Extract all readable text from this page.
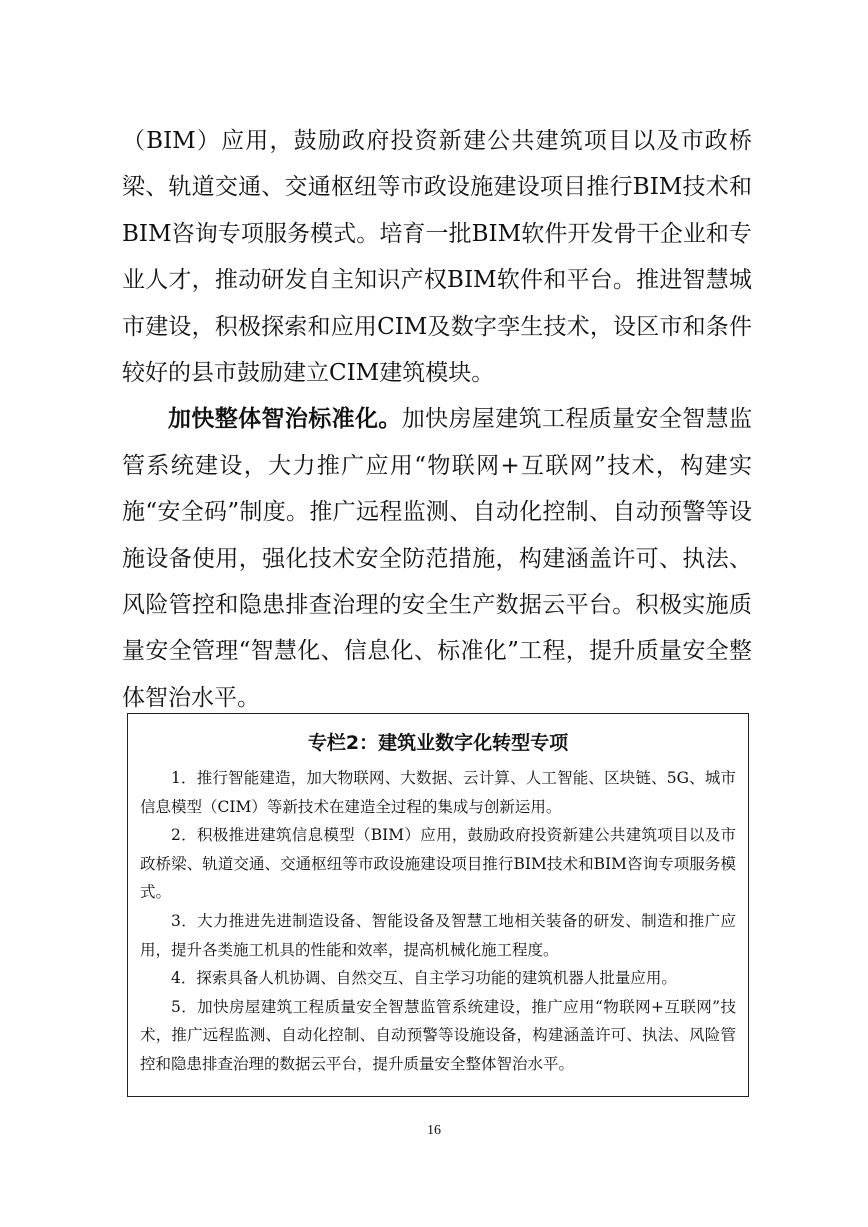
（BIM）应用，鼓励政府投资新建公共建筑项目以及市政桥梁、轨道交通、交通枢纽等市政设施建设项目推行BIM技术和BIM咨询专项服务模式。培育一批BIM软件开发骨干企业和专业人才，推动研发自主知识产权BIM软件和平台。推进智慧城市建设，积极探索和应用CIM及数字孪生技术，设区市和条件较好的县市鼓励建立CIM建筑模块。

加快整体智治标准化。加快房屋建筑工程质量安全智慧监管系统建设，大力推广应用“物联网+互联网”技术，构建实施“安全码”制度。推广远程监测、自动化控制、自动预警等设施设备使用，强化技术安全防范措施，构建涵盖许可、执法、风险管控和隐患排查治理的安全生产数据云平台。积极实施质量安全管理“智慧化、信息化、标准化”工程，提升质量安全整体智治水平。

专栏2：建筑业数字化转型专项

1．推行智能建造，加大物联网、大数据、云计算、人工智能、区块链、5G、城市信息模型（CIM）等新技术在建造全过程的集成与创新运用。
2．积极推进建筑信息模型（BIM）应用，鼓励政府投资新建公共建筑项目以及市政桥梁、轨道交通、交通枢纽等市政设施建设项目推行BIM技术和BIM咨询专项服务模式。
3．大力推进先进制造设备、智能设备及智慧工地相关装备的研发、制造和推广应用，提升各类施工机具的性能和效率，提高机械化施工程度。
4．探索具备人机协调、自然交互、自主学习功能的建筑机器人批量应用。
5．加快房屋建筑工程质量安全智慧监管系统建设，推广应用“物联网+互联网”技术，推广远程监测、自动化控制、自动预警等设施设备，构建涵盖许可、执法、风险管控和隐患排查治理的数据云平台，提升质量安全整体智治水平。
16
